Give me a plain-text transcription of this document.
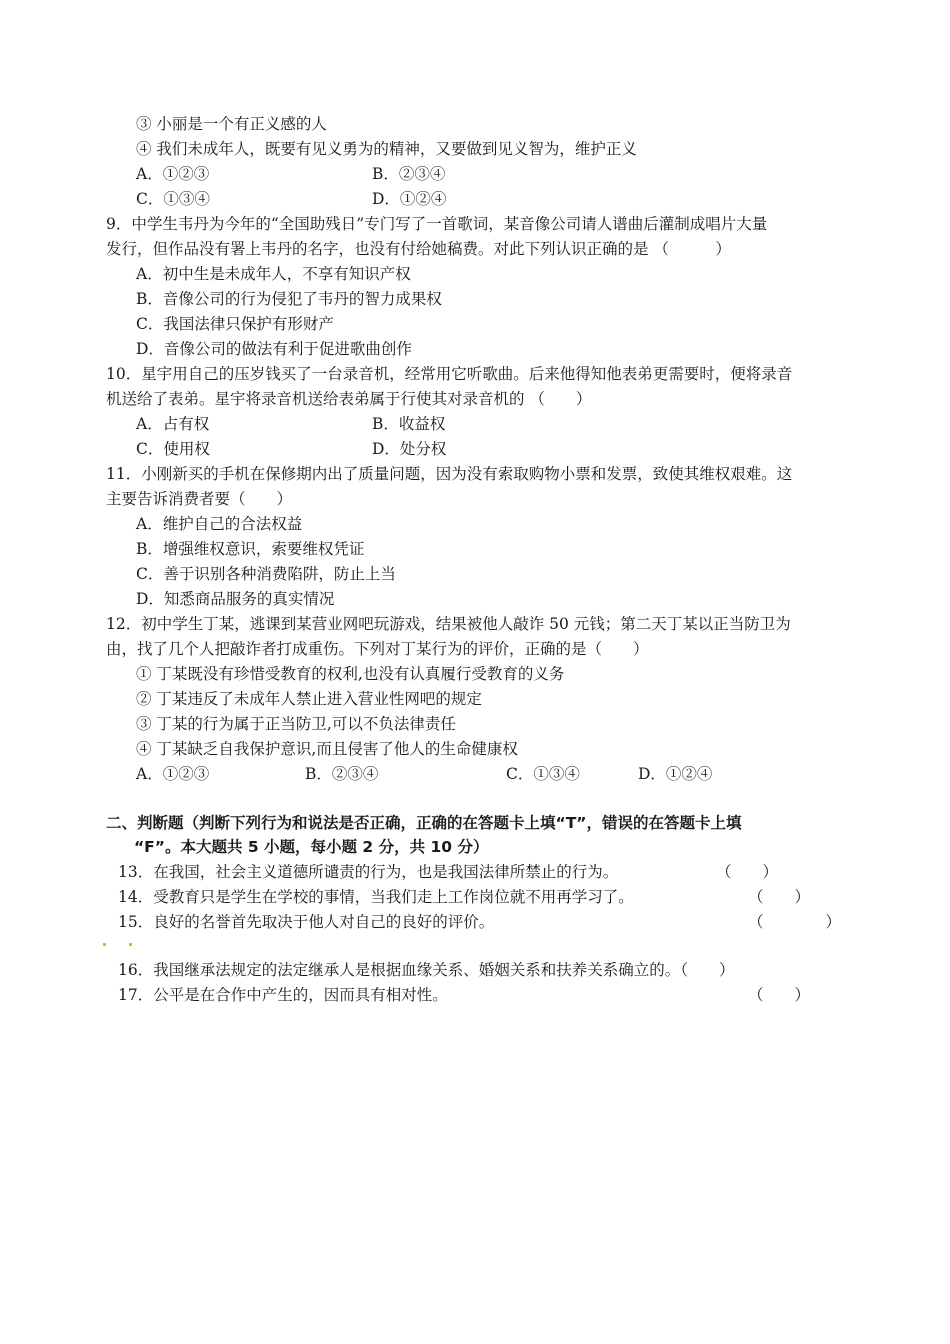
③ 小丽是一个有正义感的人
④ 我们未成年人，既要有见义勇为的精神，又要做到见义智为，维护正义
A．①②③	B．②③④
C．①③④	D．①②④
9．中学生韦丹为今年的“全国助残日”专门写了一首歌词，某音像公司请人谱曲后灌制成唱片大量
发行，但作品没有署上韦丹的名字，也没有付给她稿费。对此下列认识正确的是 （　　　）
A．初中生是未成年人，不享有知识产权
B．音像公司的行为侵犯了韦丹的智力成果权
C．我国法律只保护有形财产
D．音像公司的做法有利于促进歌曲创作
10．星宇用自己的压岁钱买了一台录音机，经常用它听歌曲。后来他得知他表弟更需要时，便将录音
机送给了表弟。星宇将录音机送给表弟属于行使其对录音机的 （　　）
A．占有权	B．收益权
C．使用权	D．处分权
11．小刚新买的手机在保修期内出了质量问题，因为没有索取购物小票和发票，致使其维权艰难。这
主要告诉消费者要（　　）
A．维护自己的合法权益
B．增强维权意识，索要维权凭证
C．善于识别各种消费陷阱，防止上当
D．知悉商品服务的真实情况
12．初中学生丁某，逃课到某营业网吧玩游戏，结果被他人敲诈 50 元钱；第二天丁某以正当防卫为
由，找了几个人把敲诈者打成重伤。下列对丁某行为的评价，正确的是（　　）
① 丁某既没有珍惜受教育的权利,也没有认真履行受教育的义务
② 丁某违反了未成年人禁止进入营业性网吧的规定
③ 丁某的行为属于正当防卫,可以不负法律责任
④ 丁某缺乏自我保护意识,而且侵害了他人的生命健康权
A．①②③	B．②③④	C．①③④	D．①②④
二、判断题（判断下列行为和说法是否正确，正确的在答题卡上填“T”，错误的在答题卡上填
“F”。本大题共 5 小题，每小题 2 分，共 10 分）
13．在我国，社会主义道德所谴责的行为，也是我国法律所禁止的行为。	（　　）
14．受教育只是学生在学校的事情，当我们走上工作岗位就不用再学习了。	（　　）
15．良好的名誉首先取决于他人对自己的良好的评价。	（　　　　）
16．我国继承法规定的法定继承人是根据血缘关系、婚姻关系和扶养关系确立的。（　　）
17．公平是在合作中产生的，因而具有相对性。	（　　）
